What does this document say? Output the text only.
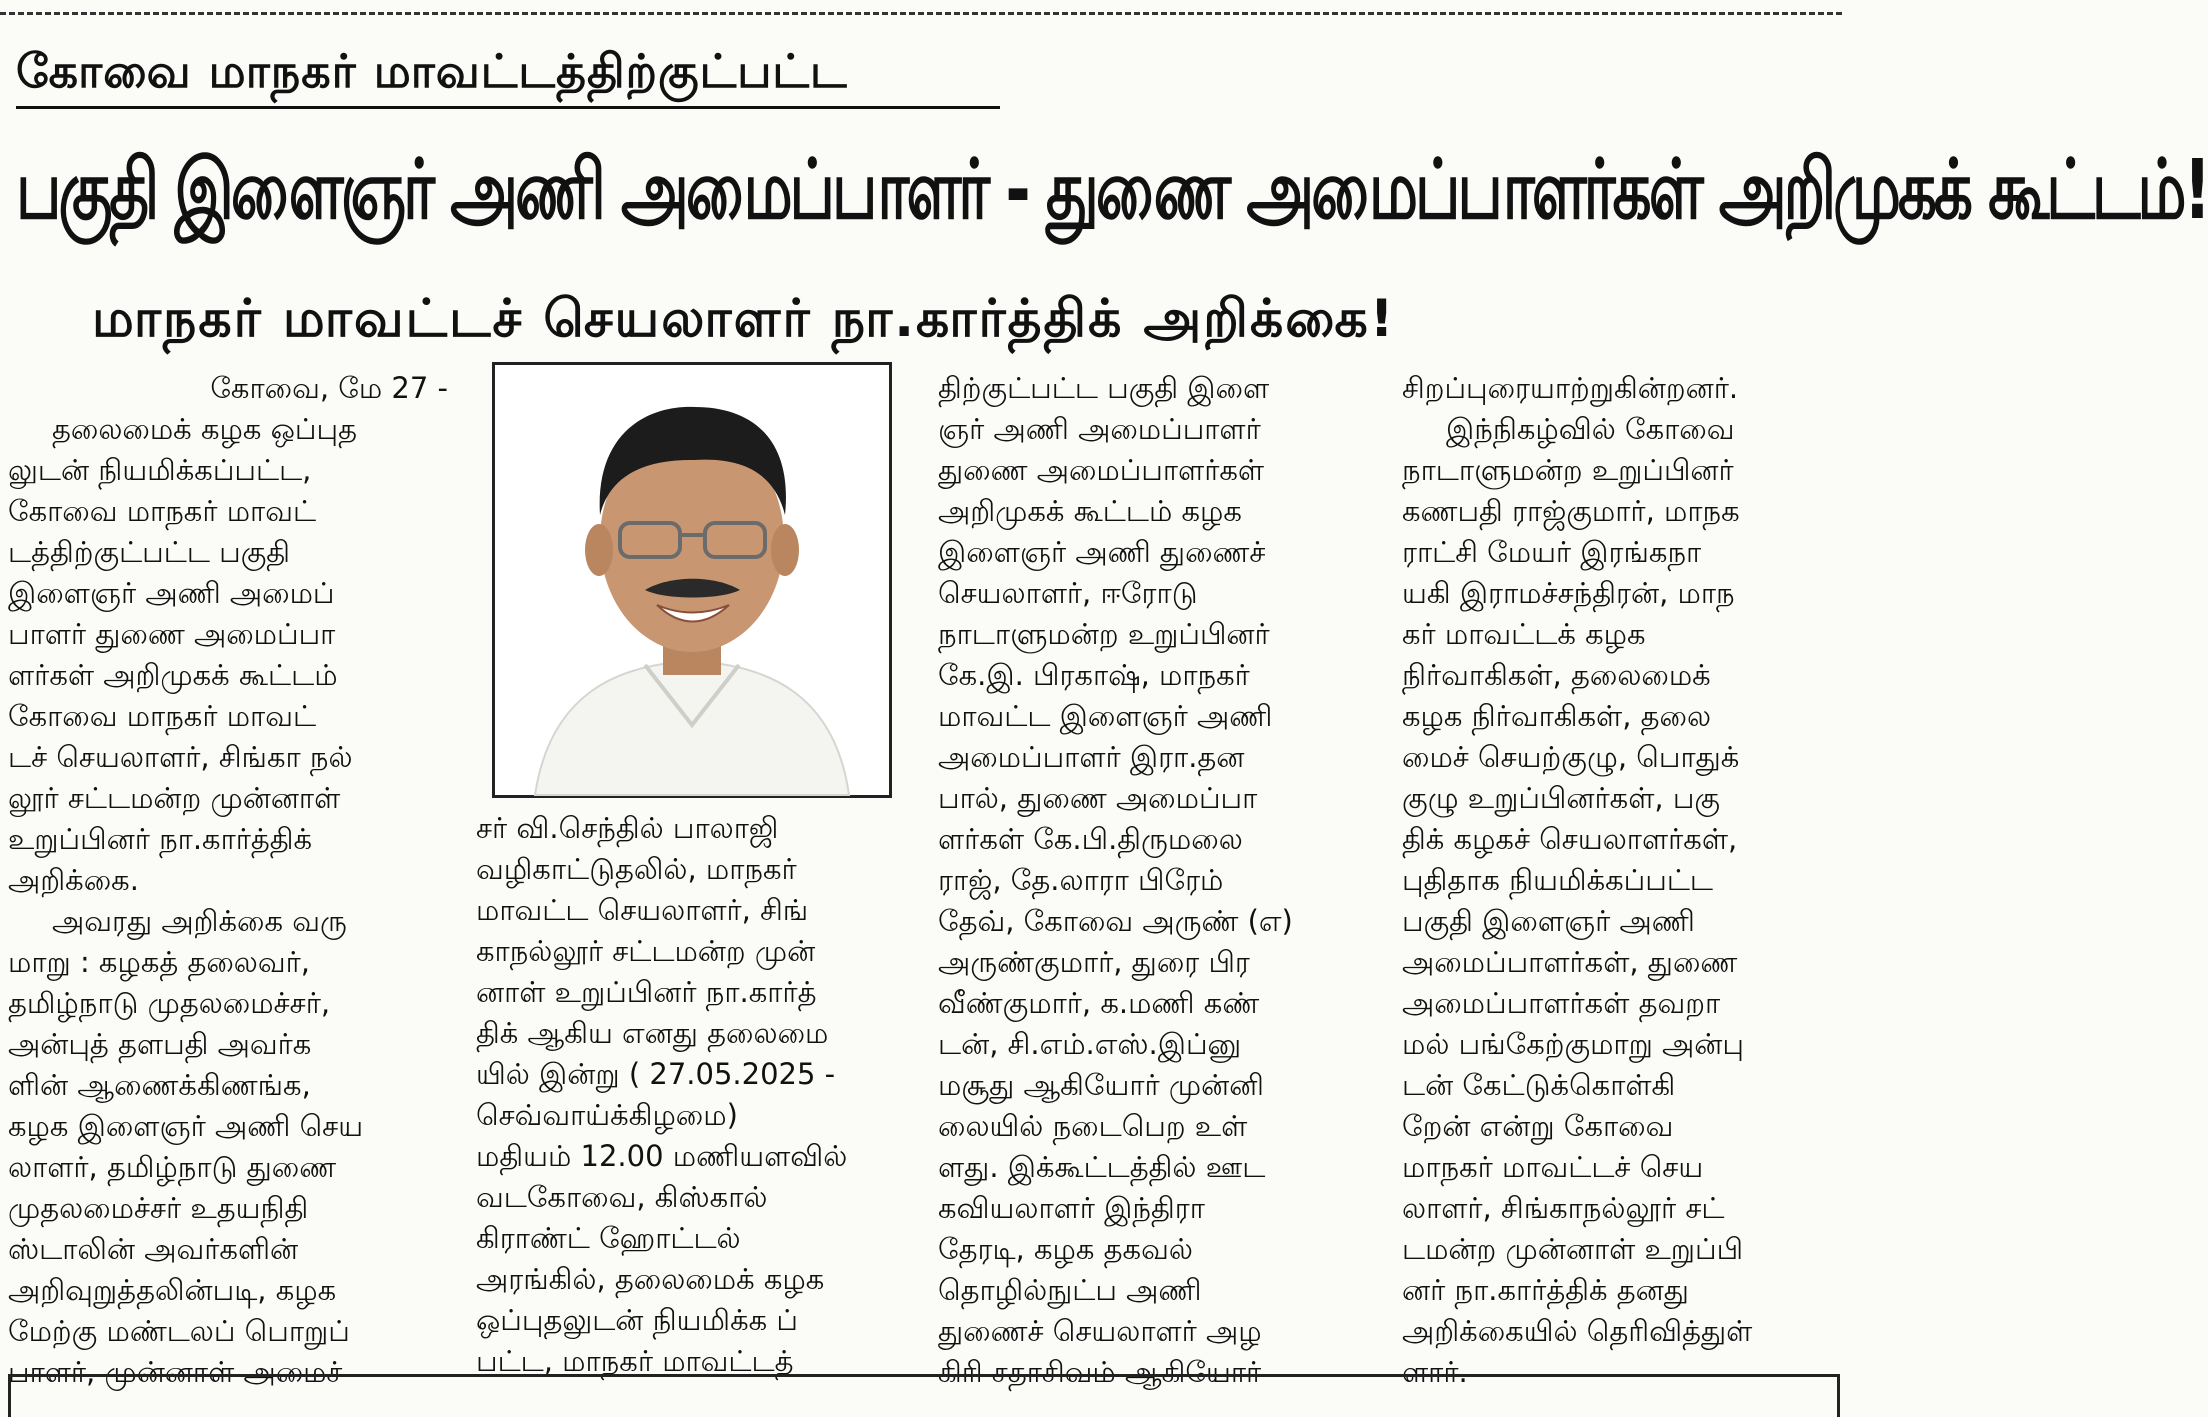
கோவை மாநகர் மாவட்டத்திற்குட்பட்ட
பகுதி இளைஞர் அணி அமைப்பாளர் - துணை அமைப்பாளர்கள் அறிமுகக் கூட்டம்!
மாநகர் மாவட்டச் செயலாளர் நா.கார்த்திக் அறிக்கை!

கோவை, மே 27 -

தலைமைக் கழக ஒப்புத

லுடன் நியமிக்கப்பட்ட,

கோவை மாநகர் மாவட்

டத்திற்குட்பட்ட பகுதி

இளைஞர் அணி அமைப்

பாளர் துணை அமைப்பா

ளர்கள் அறிமுகக் கூட்டம்

கோவை மாநகர் மாவட்

டச் செயலாளர், சிங்கா நல்

லூர் சட்டமன்ற முன்னாள்

உறுப்பினர் நா.கார்த்திக்

அறிக்கை.

அவரது அறிக்கை வரு

மாறு : கழகத் தலைவர்,

தமிழ்நாடு முதலமைச்சர்,

அன்புத் தளபதி அவர்க

ளின் ஆணைக்கிணங்க,

கழக இளைஞர் அணி செய

லாளர், தமிழ்நாடு துணை

முதலமைச்சர் உதயநிதி

ஸ்டாலின் அவர்களின்

அறிவுறுத்தலின்படி, கழக

மேற்கு மண்டலப் பொறுப்

பாளர், முன்னாள் அமைச்

சர் வி.செந்தில் பாலாஜி

வழிகாட்டுதலில், மாநகர்

மாவட்ட செயலாளர், சிங்

காநல்லூர் சட்டமன்ற முன்

னாள் உறுப்பினர் நா.கார்த்

திக் ஆகிய எனது தலைமை

யில் இன்று ( 27.05.2025 -

செவ்வாய்க்கிழமை)

மதியம் 12.00 மணியளவில்

வடகோவை, கிஸ்கால்

கிராண்ட் ஹோட்டல்

அரங்கில், தலைமைக் கழக

ஒப்புதலுடன் நியமிக்க ப்

பட்ட, மாநகர் மாவட்டத்

திற்குட்பட்ட பகுதி இளை

ஞர் அணி அமைப்பாளர்

துணை அமைப்பாளர்கள்

அறிமுகக் கூட்டம் கழக

இளைஞர் அணி துணைச்

செயலாளர், ஈரோடு

நாடாளுமன்ற உறுப்பினர்

கே.இ. பிரகாஷ், மாநகர்

மாவட்ட இளைஞர் அணி

அமைப்பாளர் இரா.தன

பால், துணை அமைப்பா

ளர்கள் கே.பி.திருமலை

ராஜ், தே.லாரா பிரேம்

தேவ், கோவை அருண் (எ)

அருண்குமார், துரை பிர

வீண்குமார், க.மணி கண்

டன், சி.எம்.எஸ்.இப்னு

மசூது ஆகியோர் முன்னி

லையில் நடைபெற உள்

ளது. இக்கூட்டத்தில் ஊட

கவியலாளர் இந்திரா

தேரடி, கழக தகவல்

தொழில்நுட்ப அணி

துணைச் செயலாளர் அழ

கிரி சதாசிவம் ஆகியோர்

சிறப்புரையாற்றுகின்றனர்.

இந்நிகழ்வில் கோவை

நாடாளுமன்ற உறுப்பினர்

கணபதி ராஜ்குமார், மாநக

ராட்சி மேயர் இரங்கநா

யகி இராமச்சந்திரன், மாந

கர் மாவட்டக் கழக

நிர்வாகிகள், தலைமைக்

கழக நிர்வாகிகள், தலை

மைச் செயற்குழு, பொதுக்

குழு உறுப்பினர்கள், பகு

திக் கழகச் செயலாளர்கள்,

புதிதாக நியமிக்கப்பட்ட

பகுதி இளைஞர் அணி

அமைப்பாளர்கள், துணை

அமைப்பாளர்கள் தவறா

மல் பங்கேற்குமாறு அன்பு

டன் கேட்டுக்கொள்கி

றேன் என்று கோவை

மாநகர் மாவட்டச் செய

லாளர், சிங்காநல்லூர் சட்

டமன்ற முன்னாள் உறுப்பி

னர் நா.கார்த்திக் தனது

அறிக்கையில் தெரிவித்துள்

ளார்.
